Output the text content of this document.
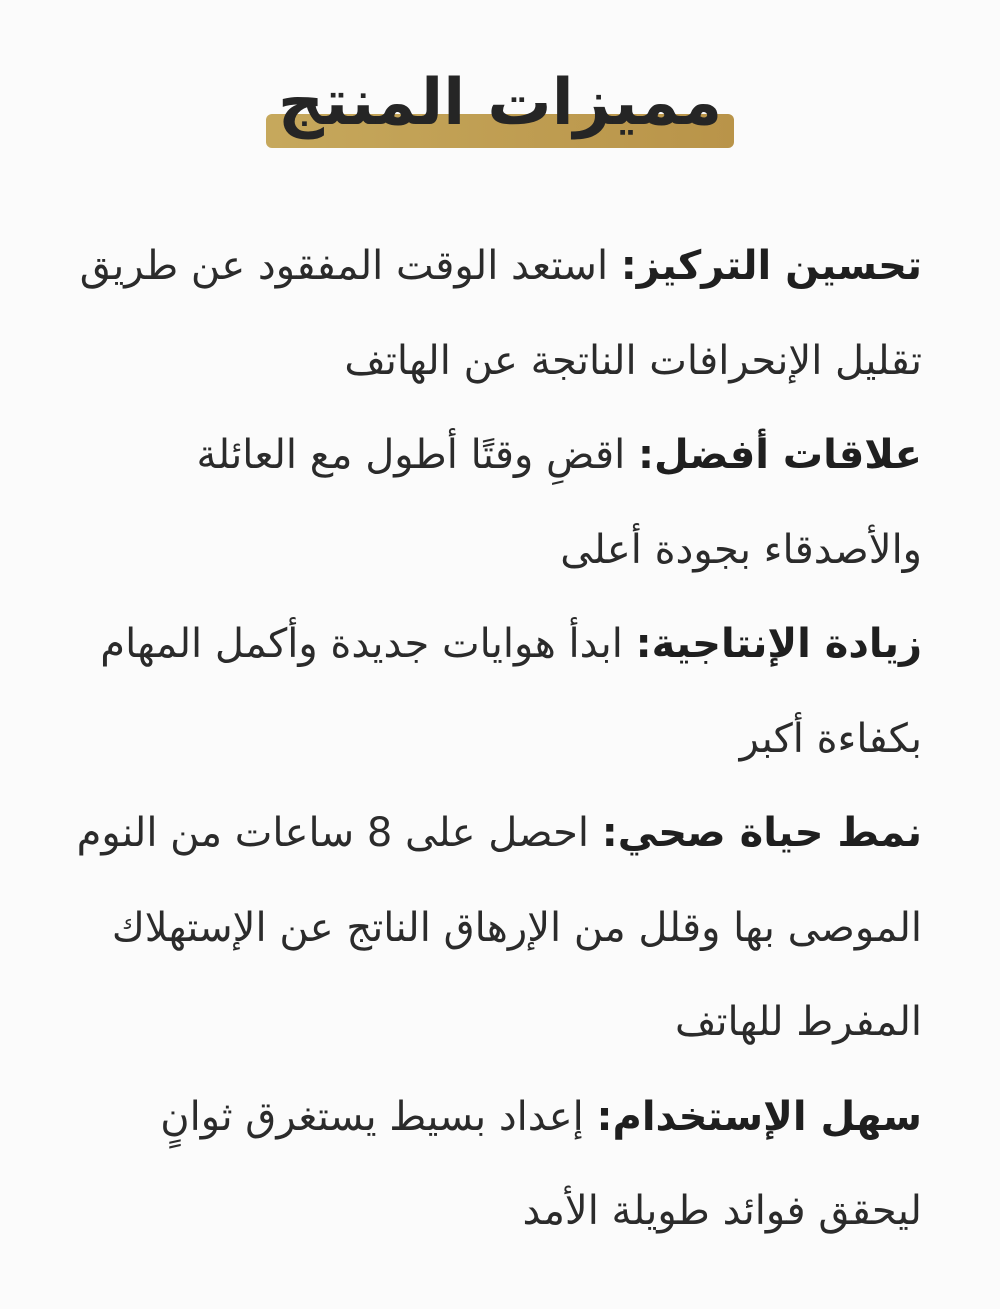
مميزات المنتج
تحسين التركيز: استعد الوقت المفقود عن طريق تقليل الإنحرافات الناتجة عن الهاتف
علاقات أفضل: اقضِ وقتًا أطول مع العائلة والأصدقاء بجودة أعلى
زيادة الإنتاجية: ابدأ هوايات جديدة وأكمل المهام بكفاءة أكبر
نمط حياة صحي: احصل على 8 ساعات من النوم الموصى بها وقلل من الإرهاق الناتج عن الإستهلاك المفرط للهاتف
سهل الإستخدام: إعداد بسيط يستغرق ثوانٍ ليحقق فوائد طويلة الأمد
